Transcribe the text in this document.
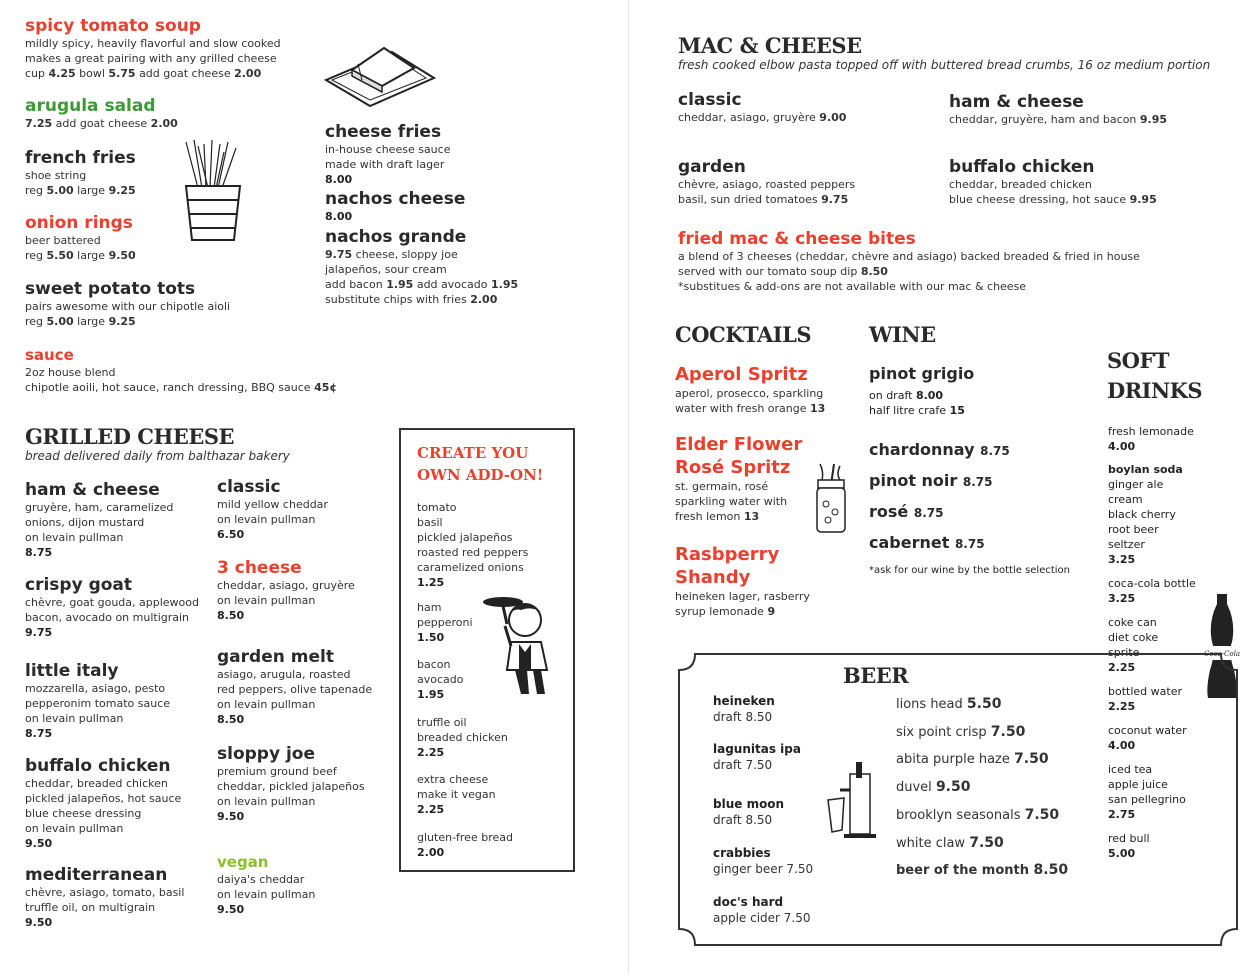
spicy tomato soup
mildly spicy, heavily flavorful and slow cooked
makes a great pairing with any grilled cheese
cup 4.25 bowl 5.75 add goat cheese 2.00
arugula salad
7.25 add goat cheese 2.00
french fries
shoe string
reg 5.00 large 9.25
onion rings
beer battered
reg 5.50 large 9.50
sweet potato tots
pairs awesome with our chipotle aioli
reg 5.00 large 9.25
sauce
2oz house blend
chipotle aoili, hot sauce, ranch dressing, BBQ sauce 45¢
cheese fries
in-house cheese sauce
made with draft lager
8.00
nachos cheese
8.00
nachos grande
9.75 cheese, sloppy joe
jalapeños, sour cream
add bacon 1.95 add avocado 1.95
substitute chips with fries 2.00
GRILLED CHEESE
bread delivered daily from balthazar bakery
ham & cheese
gruyère, ham, caramelized
onions, dijon mustard
on levain pullman
8.75
crispy goat
chèvre, goat gouda, applewood
bacon, avocado on multigrain
9.75
little italy
mozzarella, asiago, pesto
pepperonim tomato sauce
on levain pullman
8.75
buffalo chicken
cheddar, breaded chicken
pickled jalapeños, hot sauce
blue cheese dressing
on levain pullman
9.50
mediterranean
chèvre, asiago, tomato, basil
truffle oil, on multigrain
9.50
classic
mild yellow cheddar
on levain pullman
6.50
3 cheese
cheddar, asiago, gruyère
on levain pullman
8.50
garden melt
asiago, arugula, roasted
red peppers, olive tapenade
on levain pullman
8.50
sloppy joe
premium ground beef
cheddar, pickled jalapeños
on levain pullman
9.50
vegan
daiya's cheddar
on levain pullman
9.50
CREATE YOU
OWN ADD-ON!
tomato
basil
pickled jalapeños
roasted red peppers
caramelized onions
1.25
ham
pepperoni
1.50
bacon
avocado
1.95
truffle oil
breaded chicken
2.25
extra cheese
make it vegan
2.25
gluten-free bread
2.00
MAC & CHEESE
fresh cooked elbow pasta topped off with buttered bread crumbs, 16 oz medium portion
classic
cheddar, asiago, gruyère 9.00
ham & cheese
cheddar, gruyère, ham and bacon 9.95
garden
chèvre, asiago, roasted peppers
basil, sun dried tomatoes 9.75
buffalo chicken
cheddar, breaded chicken
blue cheese dressing, hot sauce 9.95
fried mac & cheese bites
a blend of 3 cheeses (cheddar, chèvre and asiago) backed breaded & fried in house
served with our tomato soup dip 8.50
*substitues & add-ons are not available with our mac & cheese
COCKTAILS
Aperol Spritz
aperol, prosecco, sparkling
water with fresh orange 13
Elder Flower
Rosé Spritz
st. germain, rosé
sparkling water with
fresh lemon 13
Rasbperry
Shandy
heineken lager, rasberry
syrup lemonade 9
WINE
pinot grigio
on draft 8.00
half litre crafe 15
chardonnay 8.75
pinot noir 8.75
rosé 8.75
cabernet 8.75
*ask for our wine by the bottle selection
SOFT
DRINKS
fresh lemonade
4.00
boylan soda
ginger ale
cream
black cherry
root beer
seltzer
3.25
coca-cola bottle
3.25
coke can
diet coke
sprite
2.25
bottled water
2.25
coconut water
4.00
iced tea
apple juice
san pellegrino
2.75
red bull
5.00
Coca-Cola
BEER
heineken
draft 8.50
lagunitas ipa
draft 7.50
blue moon
draft 8.50
crabbies
ginger beer 7.50
doc's hard
apple cider 7.50
lions head 5.50
six point crisp 7.50
abita purple haze 7.50
duvel 9.50
brooklyn seasonals 7.50
white claw 7.50
beer of the month 8.50
